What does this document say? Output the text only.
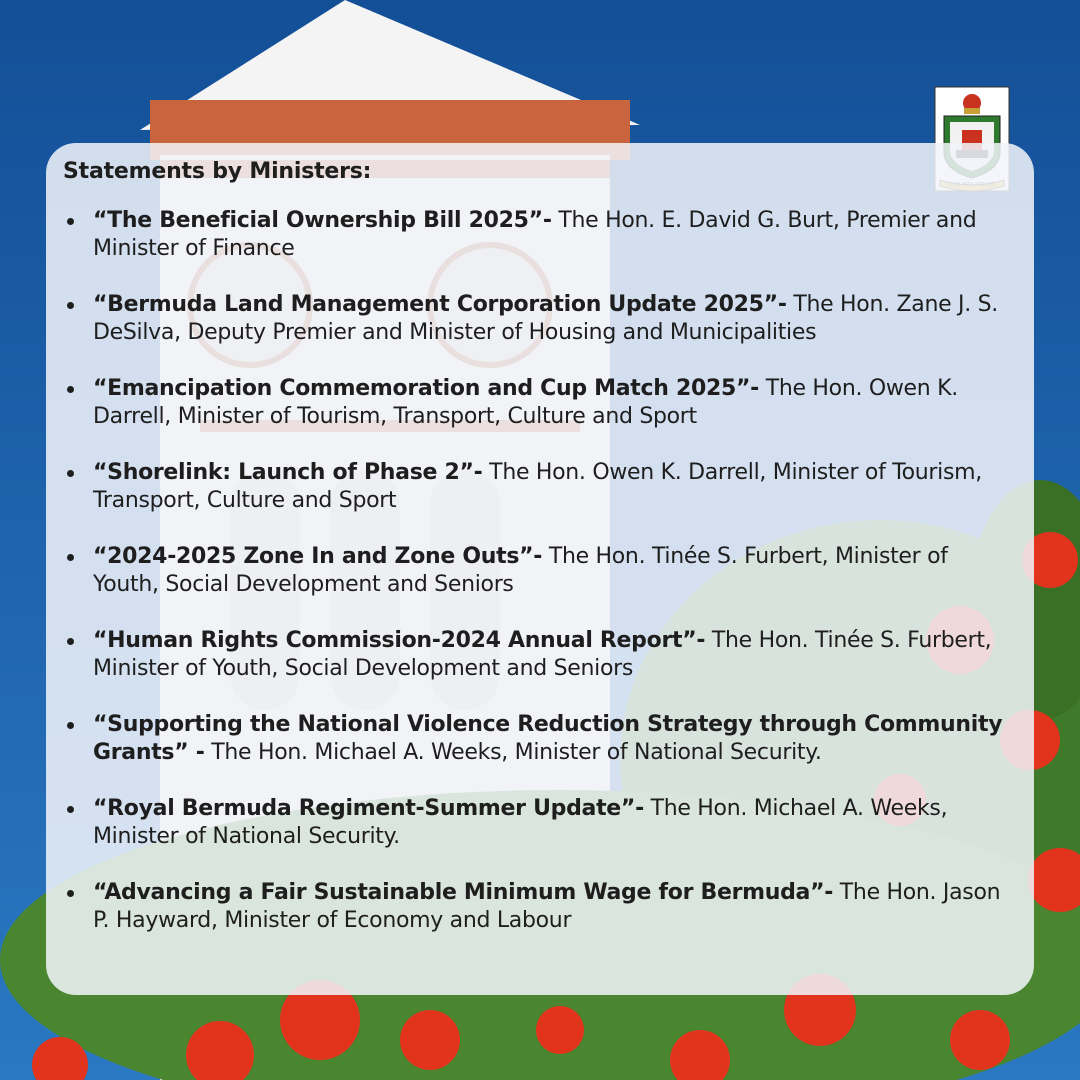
Statements by Ministers:
“The Beneficial Ownership Bill 2025”- The Hon. E. David G. Burt, Premier and Minister of Finance
“Bermuda Land Management Corporation Update 2025”- The Hon. Zane J. S. DeSilva, Deputy Premier and Minister of Housing and Municipalities
“Emancipation Commemoration and Cup Match 2025”- The Hon. Owen K. Darrell, Minister of Tourism, Transport, Culture and Sport
“Shorelink: Launch of Phase 2”- The Hon. Owen K. Darrell, Minister of Tourism, Transport, Culture and Sport
“2024-2025 Zone In and Zone Outs”- The Hon. Tinée S. Furbert, Minister of Youth, Social Development and Seniors
“Human Rights Commission-2024 Annual Report”- The Hon. Tinée S. Furbert, Minister of Youth, Social Development and Seniors
“Supporting the National Violence Reduction Strategy through Community Grants” - The Hon. Michael A. Weeks, Minister of National Security.
“Royal Bermuda Regiment-Summer Update”- The Hon. Michael A. Weeks, Minister of National Security.
“Advancing a Fair Sustainable Minimum Wage for Bermuda”- The Hon. Jason P. Hayward, Minister of Economy and Labour
